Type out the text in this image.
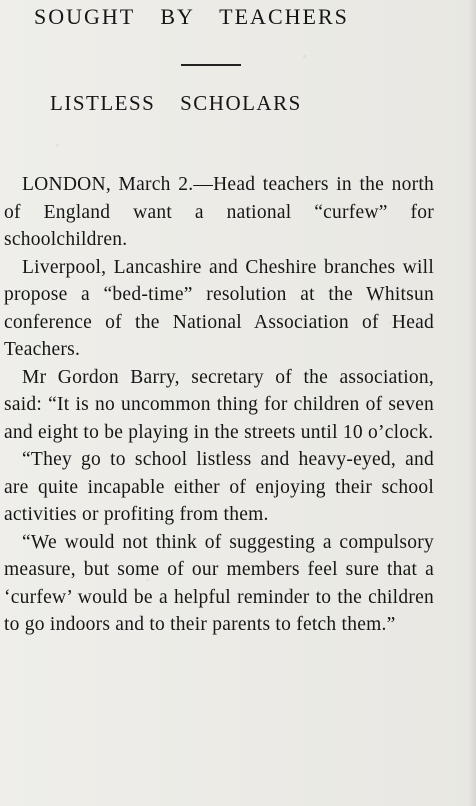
SOUGHT BY TEACHERS
LISTLESS SCHOLARS

LONDON, March 2.—Head teachers in the north of England want a national “curfew” for schoolchildren.

Liverpool, Lancashire and Cheshire branches will propose a “bed-time” resolution at the Whitsun conference of the National Association of Head Teachers.

Mr Gordon Barry, secretary of the association, said: “It is no uncommon thing for children of seven and eight to be playing in the streets until 10 o’clock.

“They go to school listless and heavy-eyed, and are quite incapable either of enjoying their school activities or profiting from them.

“We would not think of suggesting a compulsory measure, but some of our members feel sure that a ‘curfew’ would be a helpful reminder to the children to go indoors and to their parents to fetch them.”
